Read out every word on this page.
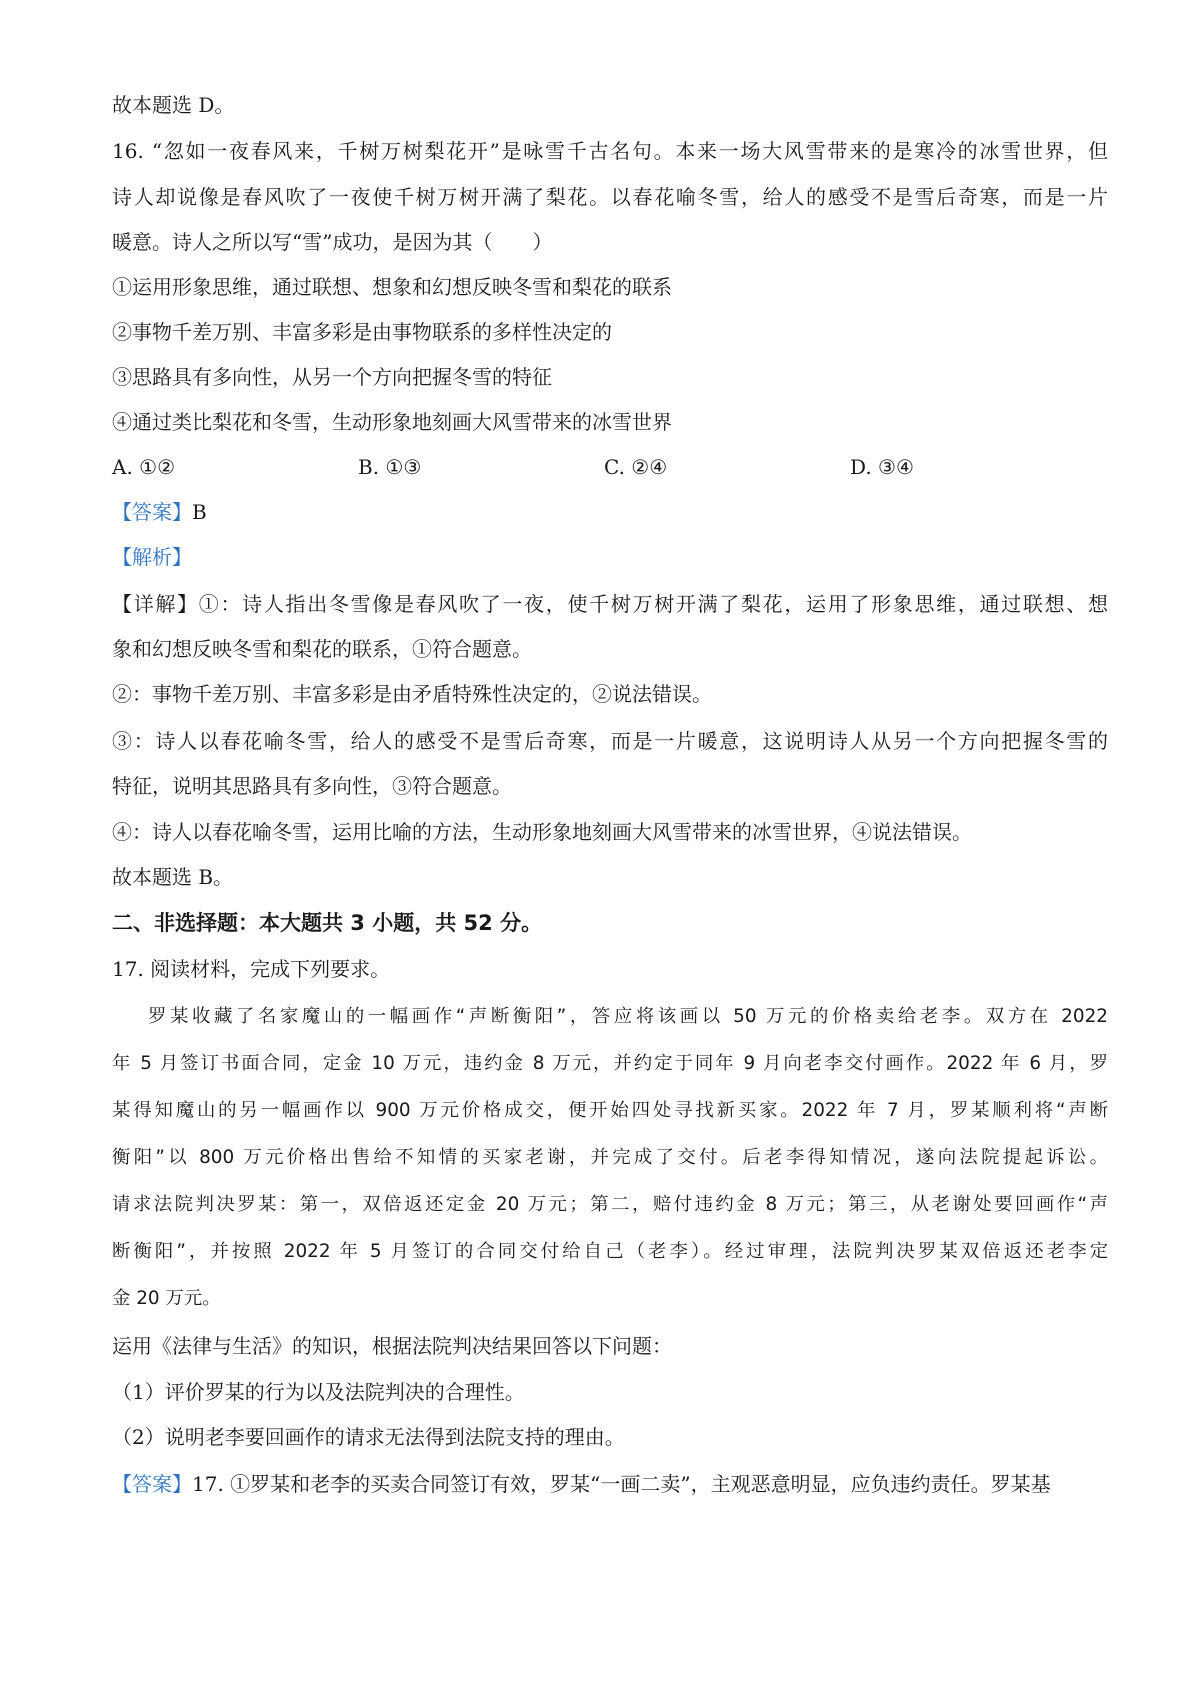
故本题选 D。
16. “忽如一夜春风来，千树万树梨花开”是咏雪千古名句。本来一场大风雪带来的是寒冷的冰雪世界，但
诗人却说像是春风吹了一夜使千树万树开满了梨花。以春花喻冬雪，给人的感受不是雪后奇寒，而是一片
暖意。诗人之所以写“雪”成功，是因为其（　　）
①运用形象思维，通过联想、想象和幻想反映冬雪和梨花的联系
②事物千差万别、丰富多彩是由事物联系的多样性决定的
③思路具有多向性，从另一个方向把握冬雪的特征
④通过类比梨花和冬雪，生动形象地刻画大风雪带来的冰雪世界
A. ①②	B. ①③	C. ②④	D. ③④
【答案】B
【解析】
【详解】①：诗人指出冬雪像是春风吹了一夜，使千树万树开满了梨花，运用了形象思维，通过联想、想
象和幻想反映冬雪和梨花的联系，①符合题意。
②：事物千差万别、丰富多彩是由矛盾特殊性决定的，②说法错误。
③：诗人以春花喻冬雪，给人的感受不是雪后奇寒，而是一片暖意，这说明诗人从另一个方向把握冬雪的
特征，说明其思路具有多向性，③符合题意。
④：诗人以春花喻冬雪，运用比喻的方法，生动形象地刻画大风雪带来的冰雪世界，④说法错误。
故本题选 B。
二、非选择题：本大题共 3 小题，共 52 分。
17. 阅读材料，完成下列要求。
罗某收藏了名家魔山的一幅画作“声断衡阳”，答应将该画以 50 万元的价格卖给老李。双方在 2022
年 5 月签订书面合同，定金 10 万元，违约金 8 万元，并约定于同年 9 月向老李交付画作。2022 年 6 月，罗
某得知魔山的另一幅画作以 900 万元价格成交，便开始四处寻找新买家。2022 年 7 月，罗某顺利将“声断
衡阳”以 800 万元价格出售给不知情的买家老谢，并完成了交付。后老李得知情况，遂向法院提起诉讼。
请求法院判决罗某：第一，双倍返还定金 20 万元；第二，赔付违约金 8 万元；第三，从老谢处要回画作“声
断衡阳”，并按照 2022 年 5 月签订的合同交付给自己（老李）。经过审理，法院判决罗某双倍返还老李定
金 20 万元。
运用《法律与生活》的知识，根据法院判决结果回答以下问题：
（1）评价罗某的行为以及法院判决的合理性。
（2）说明老李要回画作的请求无法得到法院支持的理由。
【答案】17. ①罗某和老李的买卖合同签订有效，罗某“一画二卖”，主观恶意明显，应负违约责任。罗某基
